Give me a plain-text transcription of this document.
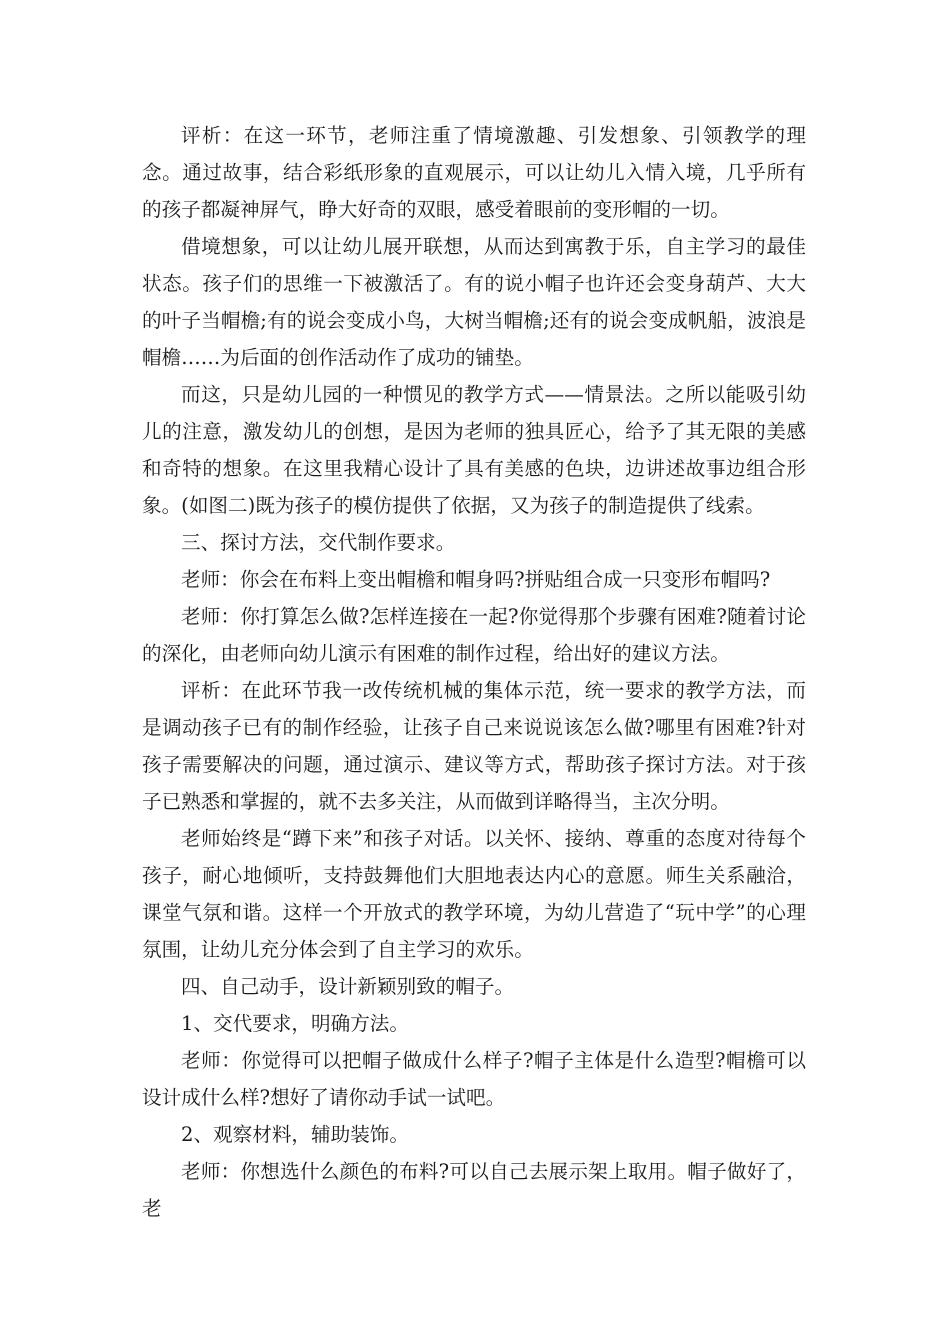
评析：在这一环节，老师注重了情境激趣、引发想象、引领教学的理念。通过故事，结合彩纸形象的直观展示，可以让幼儿入情入境，几乎所有的孩子都凝神屏气，睁大好奇的双眼，感受着眼前的变形帽的一切。

借境想象，可以让幼儿展开联想，从而达到寓教于乐，自主学习的最佳状态。孩子们的思维一下被激活了。有的说小帽子也许还会变身葫芦、大大的叶子当帽檐;有的说会变成小鸟，大树当帽檐;还有的说会变成帆船，波浪是帽檐……为后面的创作活动作了成功的铺垫。

而这，只是幼儿园的一种惯见的教学方式——情景法。之所以能吸引幼儿的注意，激发幼儿的创想，是因为老师的独具匠心，给予了其无限的美感和奇特的想象。在这里我精心设计了具有美感的色块，边讲述故事边组合形象。(如图二)既为孩子的模仿提供了依据，又为孩子的制造提供了线索。

三、探讨方法，交代制作要求。

老师：你会在布料上变出帽檐和帽身吗?拼贴组合成一只变形布帽吗?

老师：你打算怎么做?怎样连接在一起?你觉得那个步骤有困难?随着讨论的深化，由老师向幼儿演示有困难的制作过程，给出好的建议方法。

评析：在此环节我一改传统机械的集体示范，统一要求的教学方法，而是调动孩子已有的制作经验，让孩子自己来说说该怎么做?哪里有困难?针对孩子需要解决的问题，通过演示、建议等方式，帮助孩子探讨方法。对于孩子已熟悉和掌握的，就不去多关注，从而做到详略得当，主次分明。

老师始终是“蹲下来”和孩子对话。以关怀、接纳、尊重的态度对待每个孩子，耐心地倾听，支持鼓舞他们大胆地表达内心的意愿。师生关系融洽，课堂气氛和谐。这样一个开放式的教学环境，为幼儿营造了“玩中学”的心理氛围，让幼儿充分体会到了自主学习的欢乐。

四、自己动手，设计新颖别致的帽子。

1、交代要求，明确方法。

老师：你觉得可以把帽子做成什么样子?帽子主体是什么造型?帽檐可以设计成什么样?想好了请你动手试一试吧。

2、观察材料，辅助装饰。

老师：你想选什么颜色的布料?可以自己去展示架上取用。帽子做好了，老
